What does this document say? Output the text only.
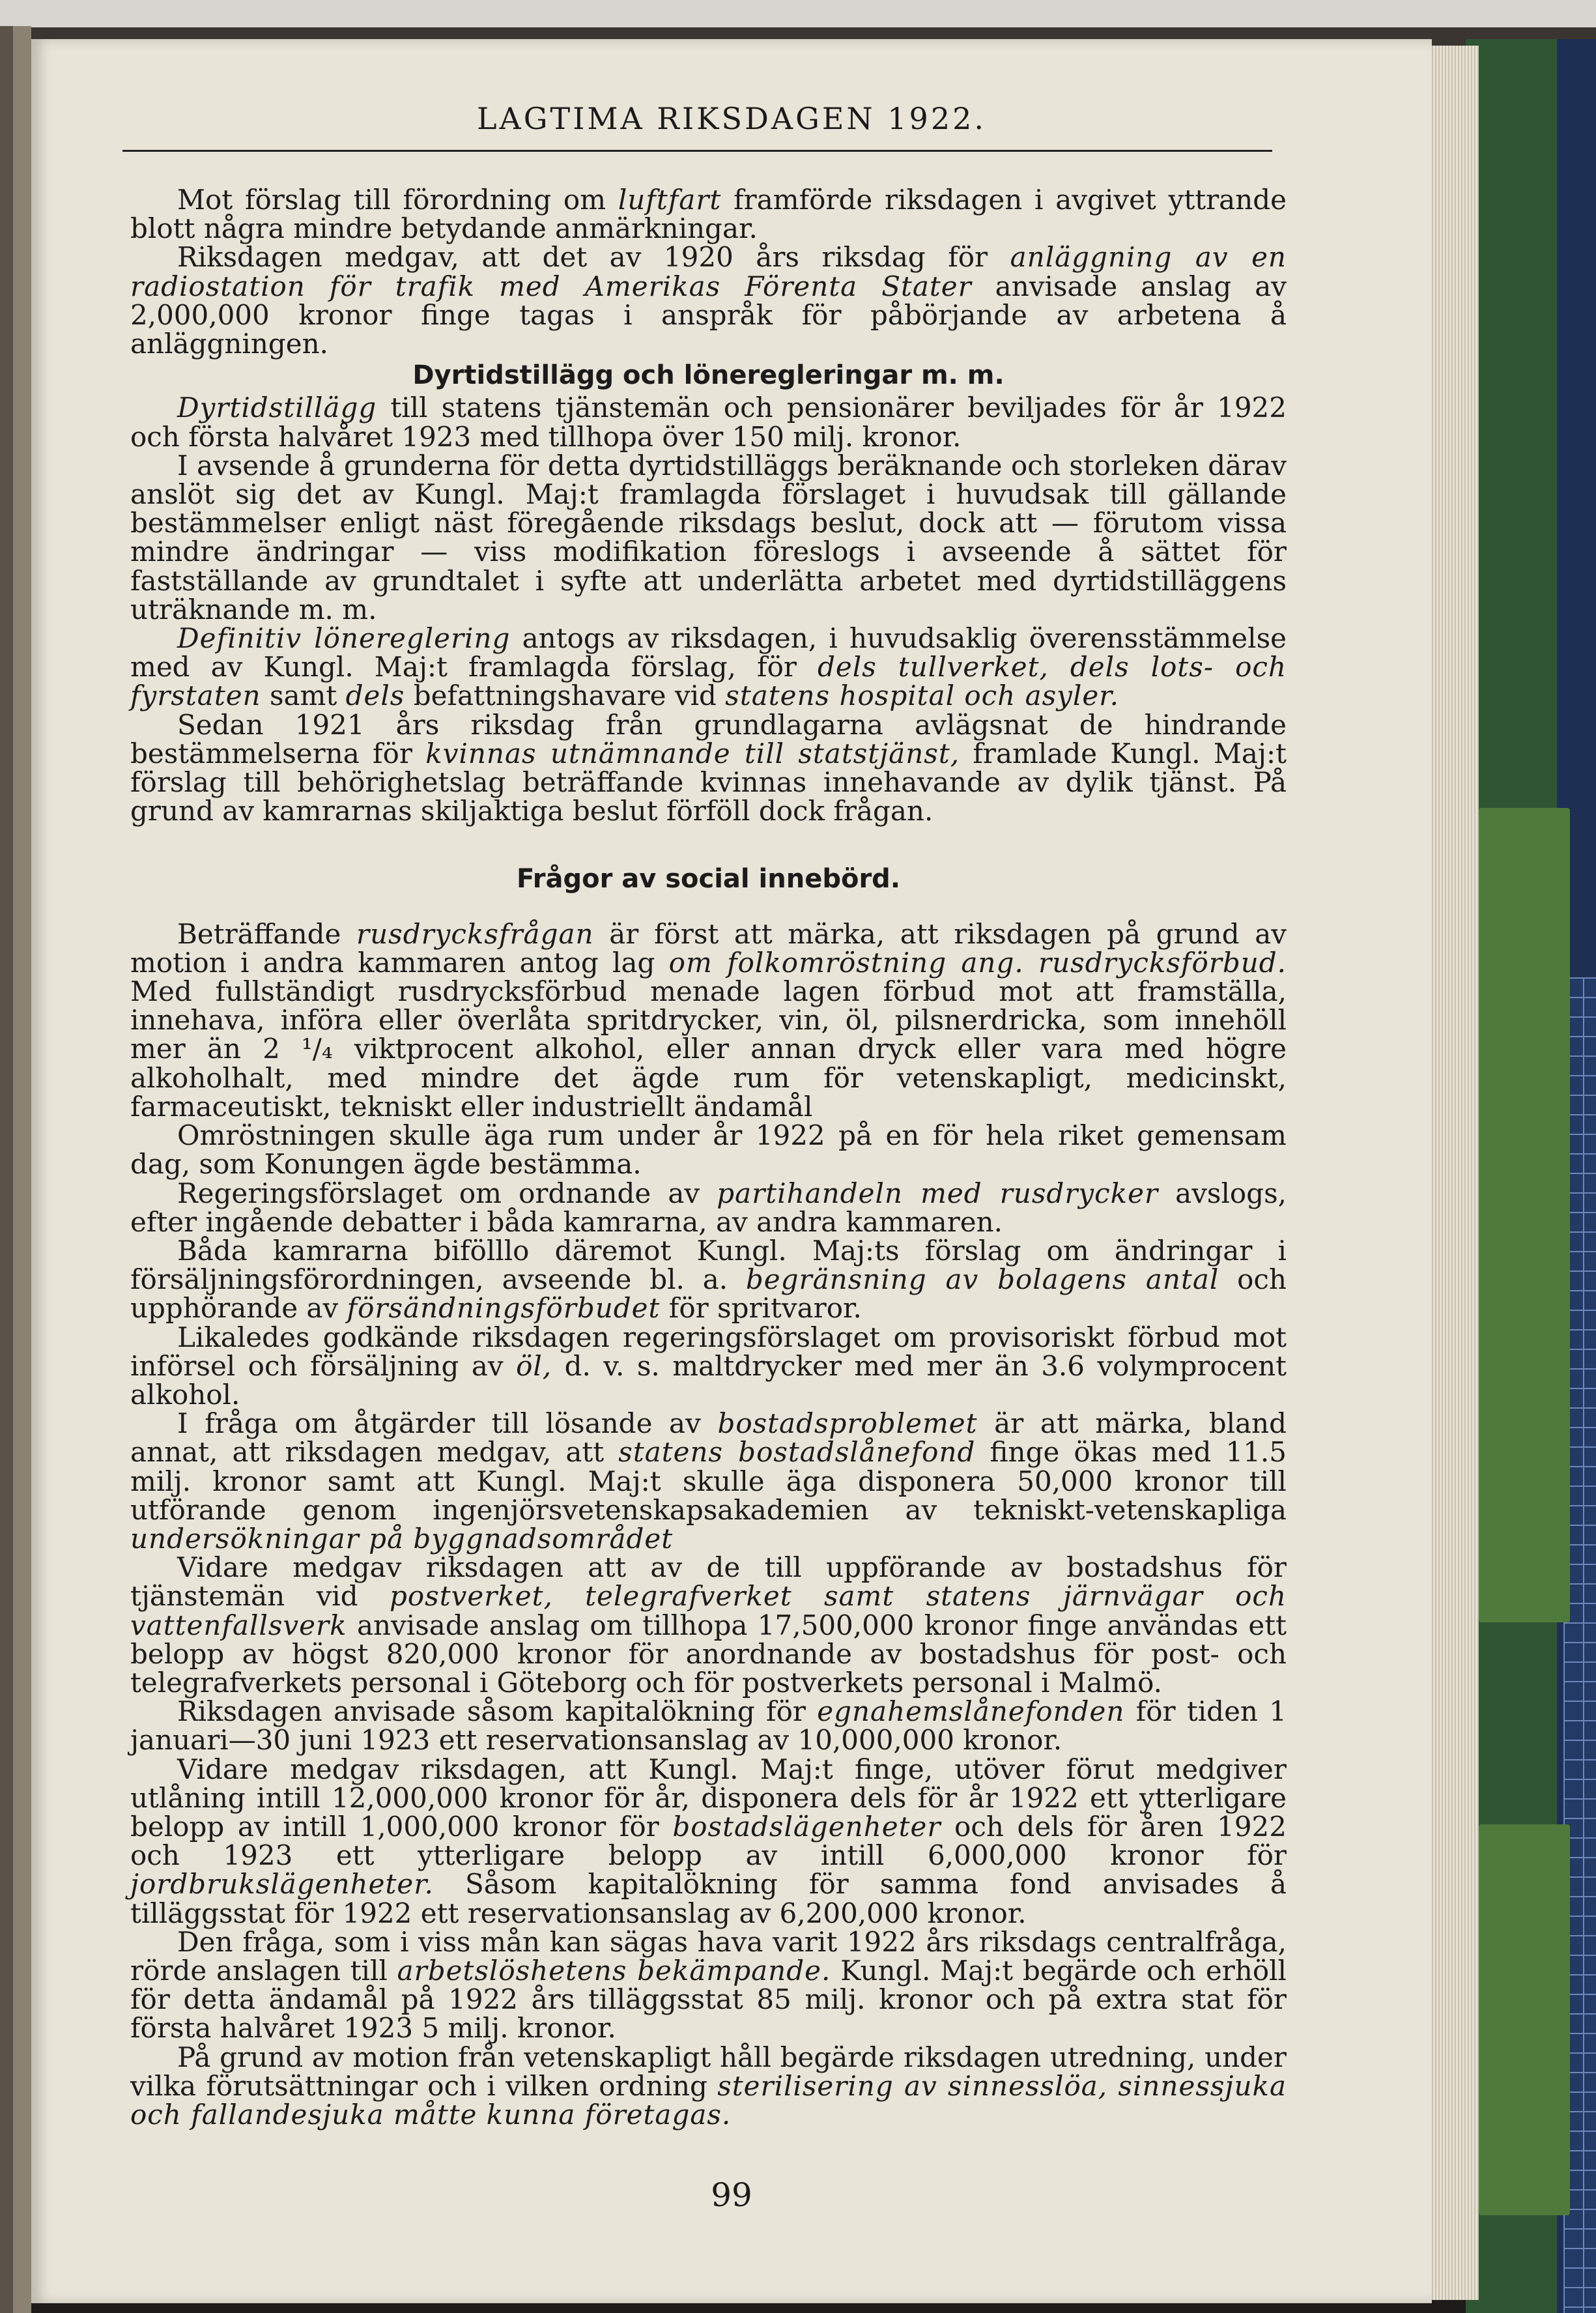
LAGTIMA RIKSDAGEN 1922.

Mot förslag till förordning om luftfart framförde riksdagen i avgivet yttrande blott några mindre betydande anmärkningar.

Riksdagen medgav, att det av 1920 års riksdag för anläggning av en radiostation för trafik med Amerikas Förenta Stater anvisade anslag av 2,000,000 kronor finge tagas i anspråk för påbörjande av arbetena å anläggningen.

Dyrtidstillägg och löneregleringar m. m.

Dyrtidstillägg till statens tjänstemän och pensionärer beviljades för år 1922 och första halvåret 1923 med tillhopa över 150 milj. kronor.

I avsende å grunderna för detta dyrtidstilläggs beräknande och storleken därav anslöt sig det av Kungl. Maj:t framlagda förslaget i huvudsak till gällande bestämmelser enligt näst föregående riksdags beslut, dock att — förutom vissa mindre ändringar — viss modifikation föreslogs i avseende å sättet för fastställande av grundtalet i syfte att underlätta arbetet med dyrtidstilläggens uträknande m. m.

Definitiv lönereglering antogs av riksdagen, i huvudsaklig överensstämmelse med av Kungl. Maj:t framlagda förslag, för dels tullverket, dels lots- och fyrstaten samt dels befattningshavare vid statens hospital och asyler.

Sedan 1921 års riksdag från grundlagarna avlägsnat de hindrande bestämmelserna för kvinnas utnämnande till statstjänst, framlade Kungl. Maj:t förslag till behörighetslag beträffande kvinnas innehavande av dylik tjänst. På grund av kamrarnas skiljaktiga beslut förföll dock frågan.

Frågor av social innebörd.

Beträffande rusdrycksfrågan är först att märka, att riksdagen på grund av motion i andra kammaren antog lag om folkomröstning ang. rusdrycksförbud. Med fullständigt rusdrycksförbud menade lagen förbud mot att framställa, innehava, införa eller överlåta spritdrycker, vin, öl, pilsnerdricka, som innehöll mer än 2 ¹/₄ viktprocent alkohol, eller annan dryck eller vara med högre alkoholhalt, med mindre det ägde rum för vetenskapligt, medicinskt, farmaceutiskt, tekniskt eller industriellt ändamål

Omröstningen skulle äga rum under år 1922 på en för hela riket gemensam dag, som Konungen ägde bestämma.

Regeringsförslaget om ordnande av partihandeln med rusdrycker avslogs, efter ingående debatter i båda kamrarna, av andra kammaren.

Båda kamrarna bifölllo däremot Kungl. Maj:ts förslag om ändringar i försäljningsförordningen, avseende bl. a. begränsning av bolagens antal och upphörande av försändningsförbudet för spritvaror.

Likaledes godkände riksdagen regeringsförslaget om provisoriskt förbud mot införsel och försäljning av öl, d. v. s. maltdrycker med mer än 3.6 volymprocent alkohol.

I fråga om åtgärder till lösande av bostadsproblemet är att märka, bland annat, att riksdagen medgav, att statens bostadslånefond finge ökas med 11.5 milj. kronor samt att Kungl. Maj:t skulle äga disponera 50,000 kronor till utförande genom ingenjörsvetenskapsakademien av tekniskt-vetenskapliga undersökningar på byggnadsområdet

Vidare medgav riksdagen att av de till uppförande av bostadshus för tjänstemän vid postverket, telegrafverket samt statens järnvägar och vattenfallsverk anvisade anslag om tillhopa 17,500,000 kronor finge användas ett belopp av högst 820,000 kronor för anordnande av bostadshus för post- och telegrafverkets personal i Göteborg och för postverkets personal i Malmö.

Riksdagen anvisade såsom kapitalökning för egnahemslånefonden för tiden 1 januari—30 juni 1923 ett reservationsanslag av 10,000,000 kronor.

Vidare medgav riksdagen, att Kungl. Maj:t finge, utöver förut medgiver utlåning intill 12,000,000 kronor för år, disponera dels för år 1922 ett ytterligare belopp av intill 1,000,000 kronor för bostadslägenheter och dels för åren 1922 och 1923 ett ytterligare belopp av intill 6,000,000 kronor för jordbrukslägenheter. Såsom kapitalökning för samma fond anvisades å tilläggsstat för 1922 ett reservationsanslag av 6,200,000 kronor.

Den fråga, som i viss mån kan sägas hava varit 1922 års riksdags centralfråga, rörde anslagen till arbetslöshetens bekämpande. Kungl. Maj:t begärde och erhöll för detta ändamål på 1922 års tilläggsstat 85 milj. kronor och på extra stat för första halvåret 1923 5 milj. kronor.

På grund av motion från vetenskapligt håll begärde riksdagen utredning, under vilka förutsättningar och i vilken ordning sterilisering av sinnesslöa, sinnessjuka och fallandesjuka måtte kunna företagas.

99
